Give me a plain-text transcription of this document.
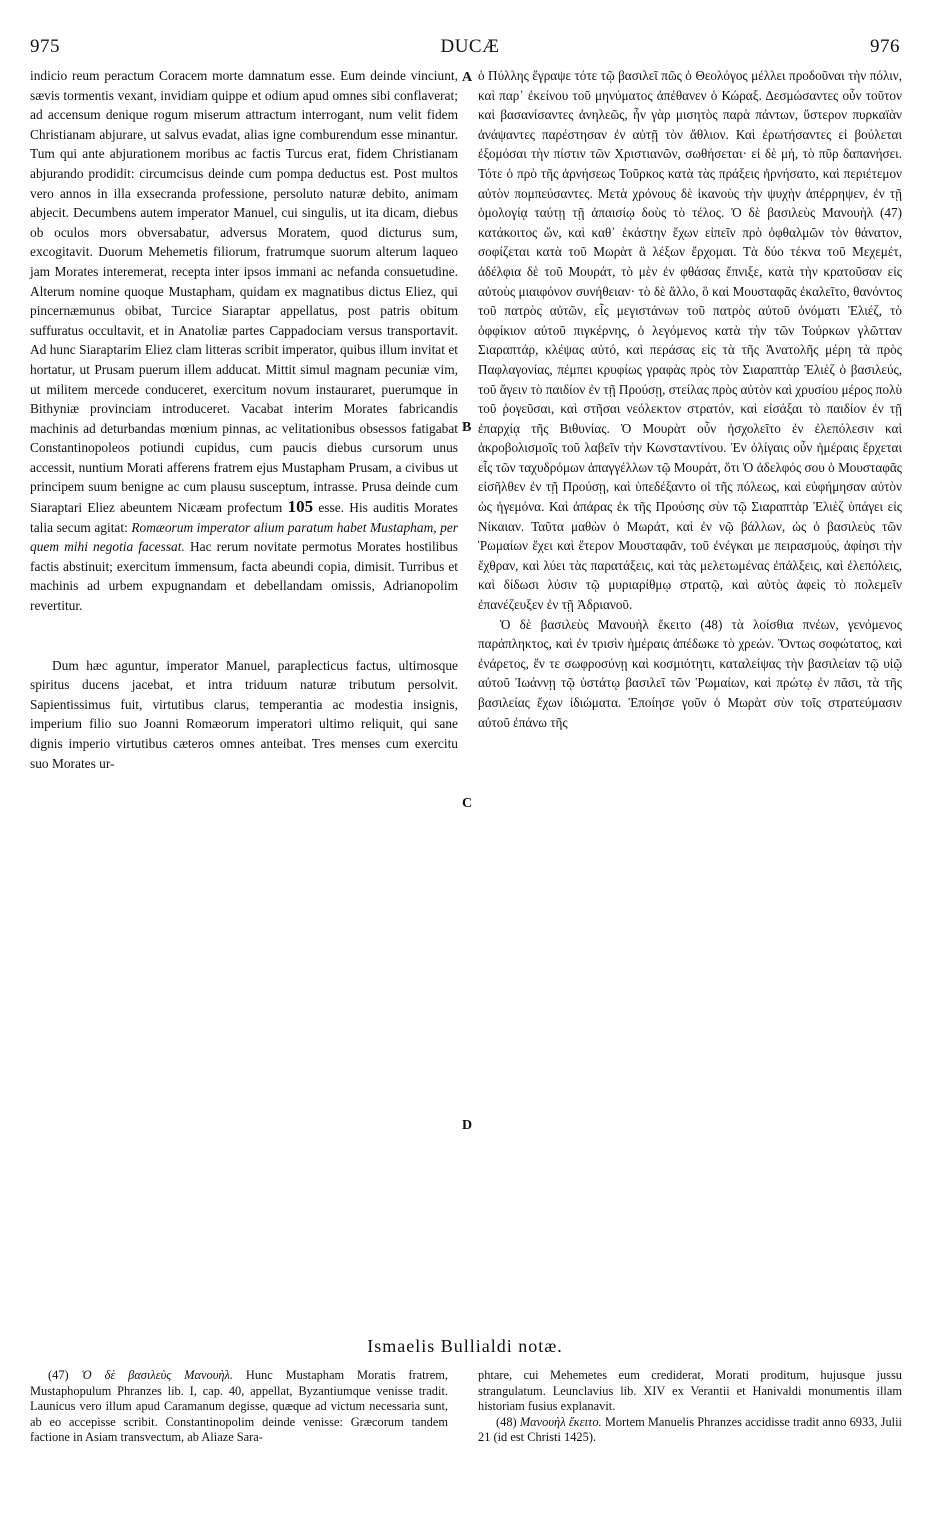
975	DUCÆ	976
A
B
C
D

indicio reum peractum Coracem morte damnatum esse. Eum deinde vinciunt, sævis tormentis vexant, invidiam quippe et odium apud omnes sibi conflaverat; ad accensum denique rogum miserum attractum interrogant, num velit fidem Christianam abjurare, ut salvus evadat, alias igne comburendum esse minantur. Tum qui ante abjurationem moribus ac factis Turcus erat, fidem Christianam abjurando prodidit: circumcisus deinde cum pompa deductus est. Post multos vero annos in illa exsecranda professione, persoluto naturæ debito, animam abjecit. Decumbens autem imperator Manuel, cui singulis, ut ita dicam, diebus ob oculos mors obversabatur, adversus Moratem, quod dicturus sum, excogitavit. Duorum Mehemetis filiorum, fratrumque suorum alterum laqueo jam Morates interemerat, recepta inter ipsos immani ac nefanda consuetudine. Alterum nomine quoque Mustapham, quidam ex magnatibus dictus Eliez, qui pincernæmunus obibat, Turcice Siaraptar appellatus, post patris obitum suffuratus occultavit, et in Anatoliæ partes Cappadociam versus transportavit. Ad hunc Siaraptarim Eliez clam litteras scribit imperator, quibus illum invitat et hortatur, ut Prusam puerum illem adducat. Mittit simul magnam pecuniæ vim, ut militem mercede conduceret, exercitum novum instauraret, puerumque in Bithyniæ provinciam introduceret. Vacabat interim Morates fabricandis machinis ad deturbandas mœnium pinnas, ac velitationibus obsessos fatigabat Constantinopoleos potiundi cupidus, cum paucis diebus cursorum unus accessit, nuntium Morati afferens fratrem ejus Mustapham Prusam, a civibus ut principem suum benigne ac cum plausu susceptum, intrasse. Prusa deinde cum Siaraptari Eliez abeuntem Nicæam profectum 105 esse. His auditis Morates talia secum agitat: Romæorum imperator alium paratum habet Mustapham, per quem mihi negotia facessat. Hac rerum novitate permotus Morates hostilibus factis abstinuit; exercitum immensum, facta abeundi copia, dimisit. Turribus et machinis ad urbem expugnandam et debellandam omissis, Adrianopolim revertitur.

Dum hæc aguntur, imperator Manuel, paraplecticus factus, ultimosque spiritus ducens jacebat, et intra triduum naturæ tributum persolvit. Sapientissimus fuit, virtutibus clarus, temperantia ac modestia insignis, imperium filio suo Joanni Romæorum imperatori ultimo reliquit, qui sane dignis imperio virtutibus cæteros omnes anteibat. Tres menses cum exercitu suo Morates ur-

ὁ Πύλλης ἔγραψε τότε τῷ βασιλεῖ πῶς ὁ Θεολόγος μέλλει προδοῦναι τὴν πόλιν, καὶ παρ᾽ ἐκείνου τοῦ μηνύματος ἀπέθανεν ὁ Κώραξ. Δεσμώσαντες οὖν τοῦτον καὶ βασανίσαντες ἀνηλεῶς, ἦν γὰρ μισητὸς παρὰ πάντων, ὕστερον πυρκαϊὰν ἀνάψαντες παρέστησαν ἐν αὐτῇ τὸν ἄθλιον. Καὶ ἐρωτήσαντες εἰ βούλεται ἐξομόσαι τὴν πίστιν τῶν Χριστιανῶν, σωθήσεται· εἰ δὲ μή, τὸ πῦρ δαπανήσει. Τότε ὁ πρὸ τῆς ἀρνήσεως Τοῦρκος κατὰ τὰς πράξεις ἠρνήσατο, καὶ περιέτεμον αὐτὸν πομπεύσαντες. Μετὰ χρόνους δὲ ἱκανοὺς τὴν ψυχὴν ἀπέρρηψεν, ἐν τῇ ὁμολογίᾳ ταύτῃ τῇ ἀπαισίῳ δοὺς τὸ τέλος. Ὁ δὲ βασιλεὺς Μανουὴλ (47) κατάκοιτος ὤν, καὶ καθ᾽ ἑκάστην ἔχων εἰπεῖν πρὸ ὀφθαλμῶν τὸν θάνατον, σοφίζεται κατὰ τοῦ Μωρὰτ ἃ λέξων ἔρχομαι. Τὰ δύο τέκνα τοῦ Μεχεμέτ, ἀδέλφια δὲ τοῦ Μουράτ, τὸ μὲν ἐν φθάσας ἔπνιξε, κατὰ τὴν κρατοῦσαν εἰς αὐτοὺς μιαιφόνον συνήθειαν· τὸ δὲ ἄλλο, ὃ καὶ Μουσταφᾶς ἐκαλεῖτο, θανόντος τοῦ πατρὸς αὐτῶν, εἷς μεγιστάνων τοῦ πατρὸς αὐτοῦ ὀνόματι Ἐλιέζ, τὸ ὀφφίκιον αὐτοῦ πιγκέρνης, ὁ λεγόμενος κατὰ τὴν τῶν Τούρκων γλῶτταν Σιαραπτάρ, κλέψας αὐτό, καὶ περάσας εἰς τὰ τῆς Ἀνατολῆς μέρη τὰ πρὸς Παφλαγονίας, πέμπει κρυφίως γραφὰς πρὸς τὸν Σιαραπτὰρ Ἐλιὲζ ὁ βασιλεύς, τοῦ ἄγειν τὸ παιδίον ἐν τῇ Προύσῃ, στείλας πρὸς αὐτὸν καὶ χρυσίου μέρος πολὺ τοῦ ῥογεῦσαι, καὶ στῆσαι νεόλεκτον στρατόν, καὶ εἰσάξαι τὸ παιδίον ἐν τῇ ἐπαρχίᾳ τῆς Βιθυνίας. Ὁ Μουρὰτ οὖν ἠσχολεῖτο ἐν ἐλεπόλεσιν καὶ ἀκροβολισμοῖς τοῦ λαβεῖν τὴν Κωνσταντίνου. Ἐν ὀλίγαις οὖν ἡμέραις ἔρχεται εἷς τῶν ταχυδρόμων ἀπαγγέλλων τῷ Μουράτ, ὅτι Ὁ ἀδελφός σου ὁ Μουσταφᾶς εἰσῆλθεν ἐν τῇ Προύσῃ, καὶ ὑπεδέξαντο οἱ τῆς πόλεως, καὶ εὐφήμησαν αὐτὸν ὡς ἡγεμόνα. Καὶ ἀπάρας ἐκ τῆς Προύσης σὺν τῷ Σιαραπτὰρ Ἐλιὲζ ὑπάγει εἰς Νίκαιαν. Ταῦτα μαθὼν ὁ Μωράτ, καὶ ἐν νῷ βάλλων, ὡς ὁ βασιλεὺς τῶν Ῥωμαίων ἔχει καὶ ἕτερον Μουσταφᾶν, τοῦ ἐνέγκαι με πειρασμούς, ἀφίησι τὴν ἔχθραν, καὶ λύει τὰς παρατάξεις, καὶ τὰς μελετωμένας ἐπάλξεις, καὶ ἐλεπόλεις, καὶ δίδωσι λύσιν τῷ μυριαρίθμῳ στρατῷ, καὶ αὐτὸς ἀφεὶς τὸ πολεμεῖν ἐπανέζευξεν ἐν τῇ Ἀδριανοῦ.

Ὁ δὲ βασιλεὺς Μανουὴλ ἔκειτο (48) τὰ λοίσθια πνέων, γενόμενος παράπληκτος, καὶ ἐν τρισὶν ἡμέραις ἀπέδωκε τὸ χρεών. Ὄντως σοφώτατος, καὶ ἐνάρετος, ἔν τε σωφροσύνῃ καὶ κοσμιότητι, καταλείψας τὴν βασιλείαν τῷ υἱῷ αὐτοῦ Ἰωάννῃ τῷ ὑστάτῳ βασιλεῖ τῶν Ῥωμαίων, καὶ πρώτῳ ἐν πᾶσι, τὰ τῆς βασιλείας ἔχων ἰδιώματα. Ἐποίησε γοῦν ὁ Μωρὰτ σὺν τοῖς στρατεύμασιν αὐτοῦ ἐπάνω τῆς

Ismaelis Bullialdi notæ.

(47) Ὁ δὲ βασιλεὺς Μανουὴλ. Hunc Mustapham Moratis fratrem, Mustaphopulum Phranzes lib. I, cap. 40, appellat, Byzantiumque venisse tradit. Launicus vero illum apud Caramanum degisse, quæque ad victum necessaria sunt, ab eo accepisse scribit. Constantinopolim deinde venisse: Græcorum tandem factione in Asiam transvectum, ab Aliaze Sara-

phtare, cui Mehemetes eum crediderat, Morati proditum, hujusque jussu strangulatum. Leunclavius lib. XIV ex Verantii et Hanivaldi monumentis illam historiam fusius explanavit.

(48) Μανουὴλ ἔκειτο. Mortem Manuelis Phranzes accidisse tradit anno 6933, Julii 21 (id est Christi 1425).
